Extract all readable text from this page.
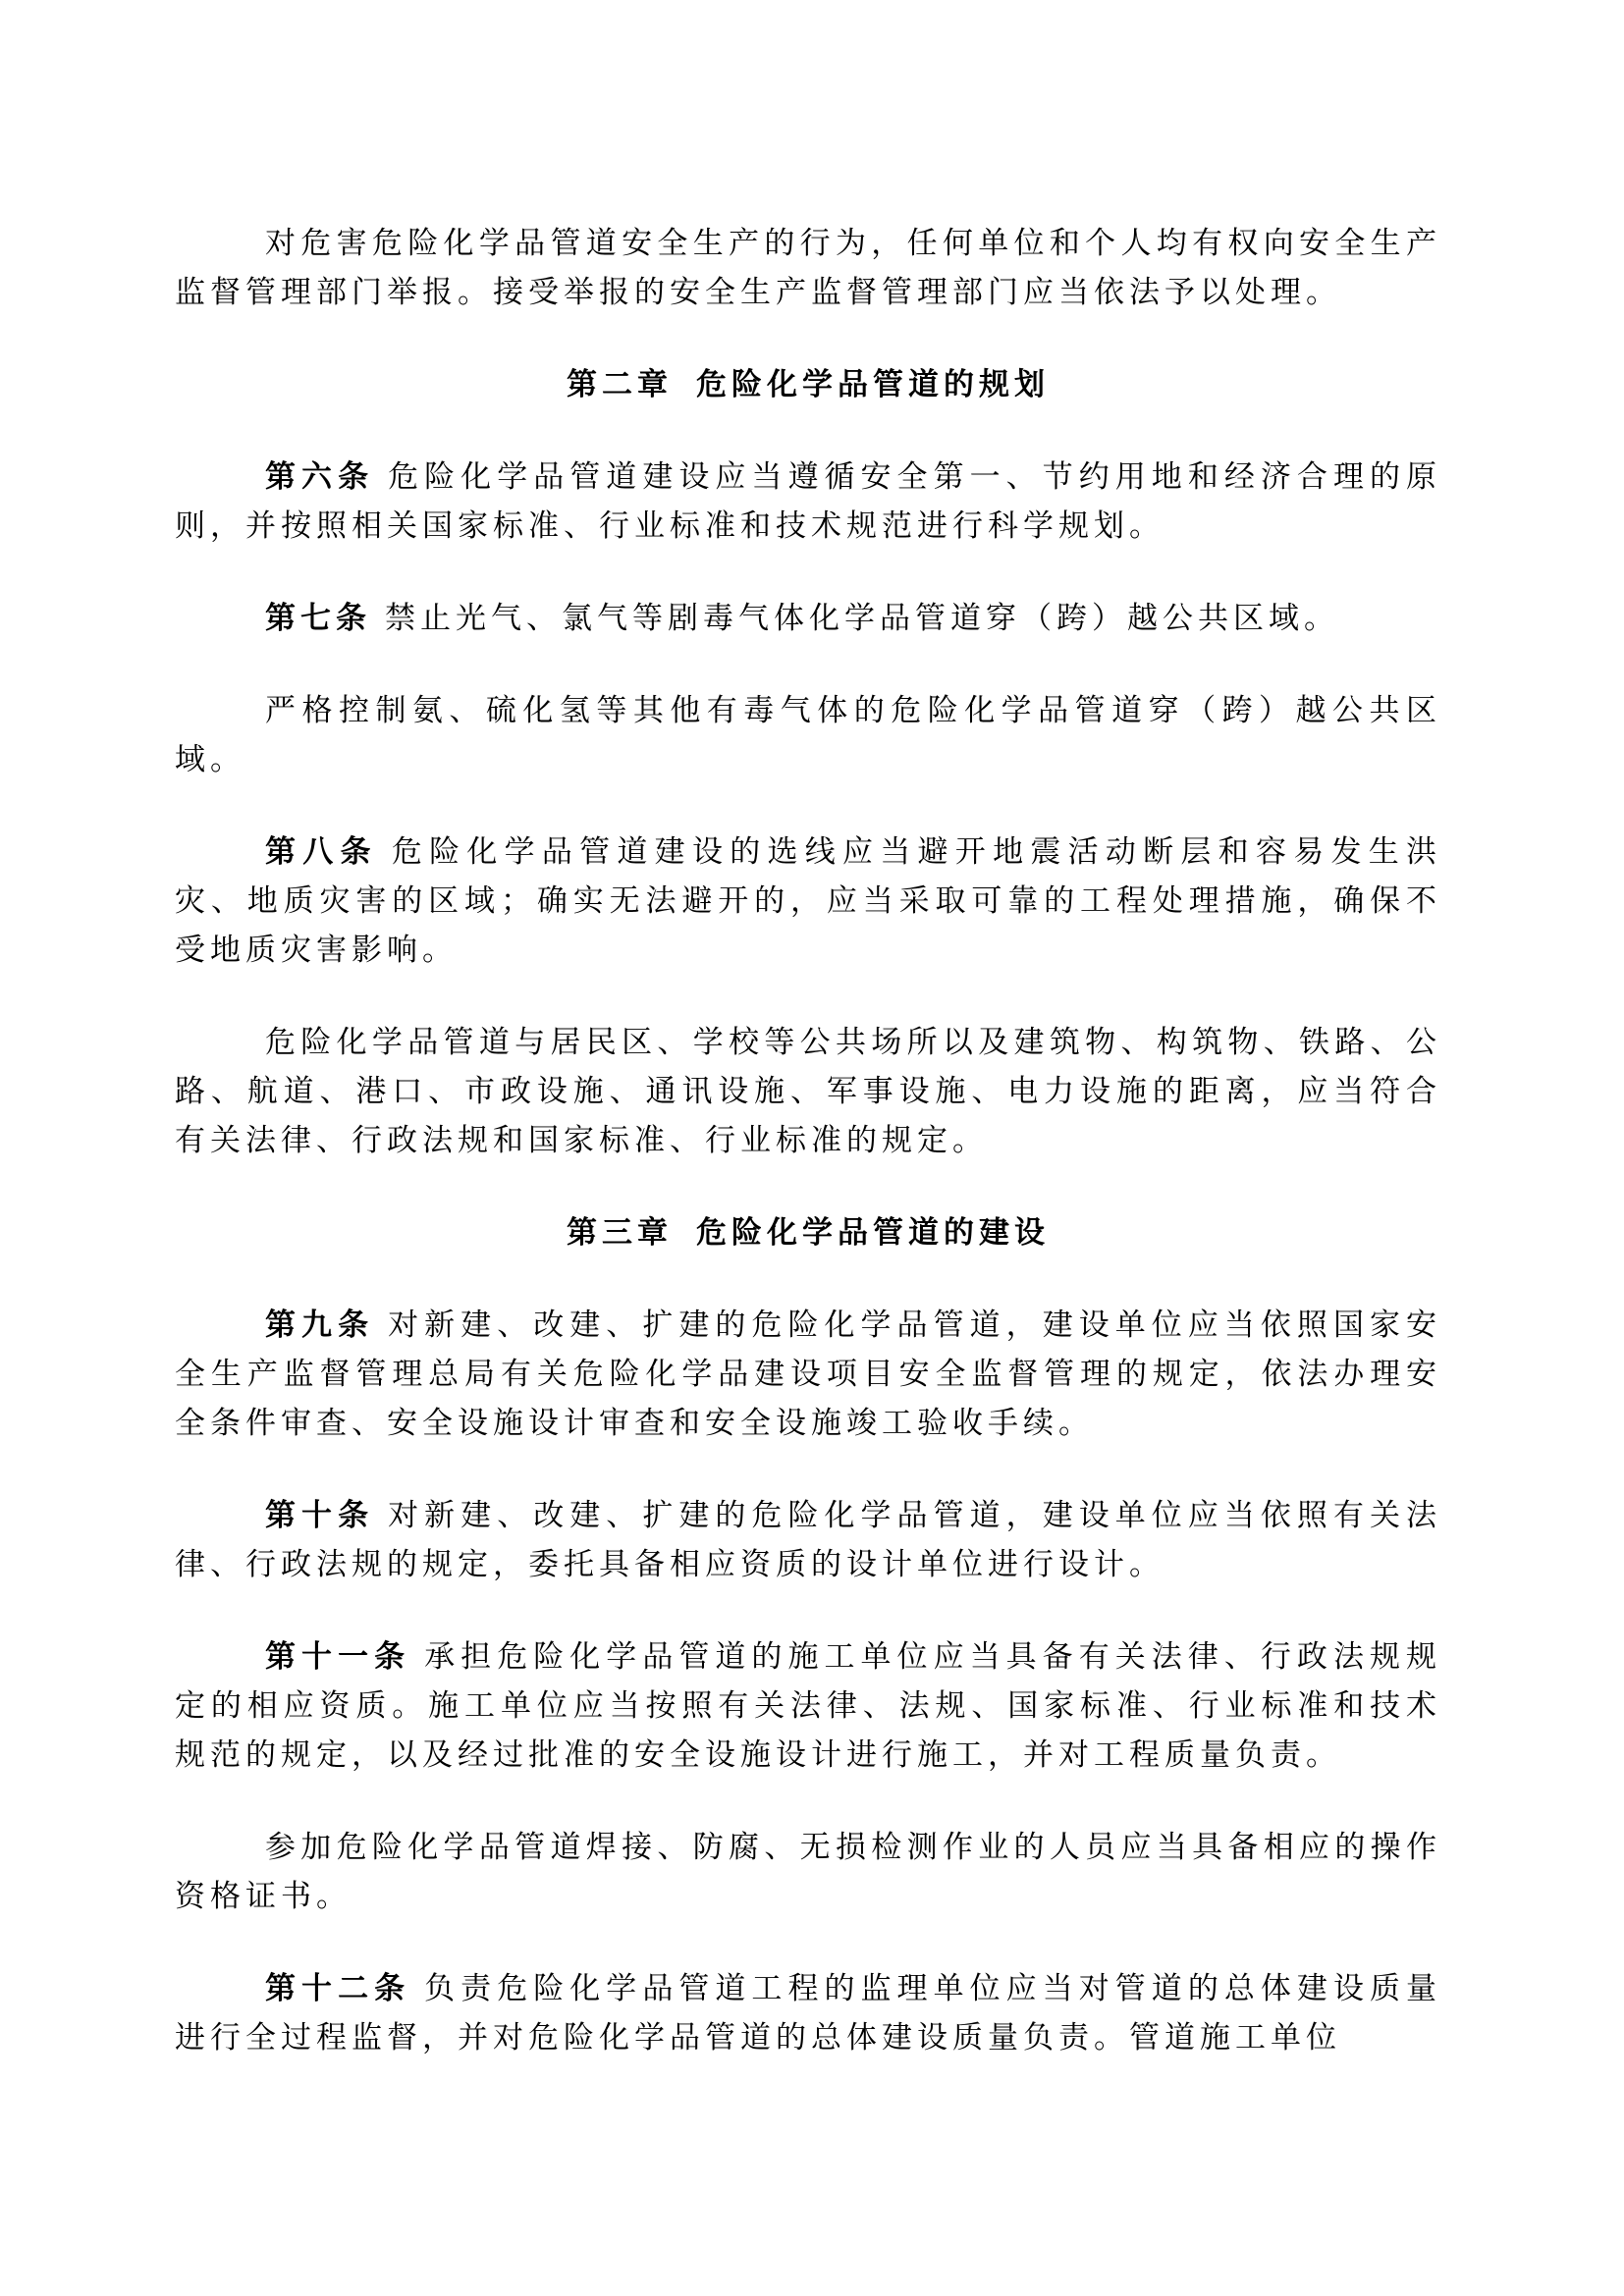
对危害危险化学品管道安全生产的行为，任何单位和个人均有权向安全生产监督管理部门举报。接受举报的安全生产监督管理部门应当依法予以处理。

第二章 危险化学品管道的规划

第六条 危险化学品管道建设应当遵循安全第一、节约用地和经济合理的原则，并按照相关国家标准、行业标准和技术规范进行科学规划。

第七条 禁止光气、氯气等剧毒气体化学品管道穿（跨）越公共区域。

严格控制氨、硫化氢等其他有毒气体的危险化学品管道穿（跨）越公共区域。

第八条 危险化学品管道建设的选线应当避开地震活动断层和容易发生洪灾、地质灾害的区域；确实无法避开的，应当采取可靠的工程处理措施，确保不受地质灾害影响。

危险化学品管道与居民区、学校等公共场所以及建筑物、构筑物、铁路、公路、航道、港口、市政设施、通讯设施、军事设施、电力设施的距离，应当符合有关法律、行政法规和国家标准、行业标准的规定。

第三章 危险化学品管道的建设

第九条 对新建、改建、扩建的危险化学品管道，建设单位应当依照国家安全生产监督管理总局有关危险化学品建设项目安全监督管理的规定，依法办理安全条件审查、安全设施设计审查和安全设施竣工验收手续。

第十条 对新建、改建、扩建的危险化学品管道，建设单位应当依照有关法律、行政法规的规定，委托具备相应资质的设计单位进行设计。

第十一条 承担危险化学品管道的施工单位应当具备有关法律、行政法规规定的相应资质。施工单位应当按照有关法律、法规、国家标准、行业标准和技术规范的规定，以及经过批准的安全设施设计进行施工，并对工程质量负责。

参加危险化学品管道焊接、防腐、无损检测作业的人员应当具备相应的操作资格证书。

第十二条 负责危险化学品管道工程的监理单位应当对管道的总体建设质量进行全过程监督，并对危险化学品管道的总体建设质量负责。管道施工单位
